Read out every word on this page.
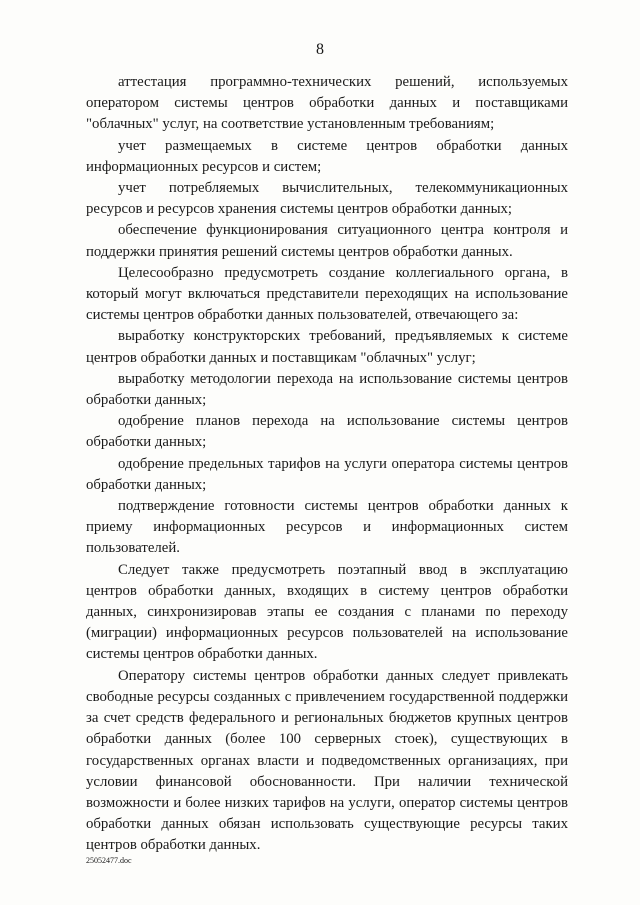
8

аттестация программно-технических решений, используемых оператором системы центров обработки данных и поставщиками "облачных" услуг, на соответствие установленным требованиям;

учет размещаемых в системе центров обработки данных информационных ресурсов и систем;

учет потребляемых вычислительных, телекоммуникационных ресурсов и ресурсов хранения системы центров обработки данных;

обеспечение функционирования ситуационного центра контроля и поддержки принятия решений системы центров обработки данных.

Целесообразно предусмотреть создание коллегиального органа, в который могут включаться представители переходящих на использование системы центров обработки данных пользователей, отвечающего за:

выработку конструкторских требований, предъявляемых к системе центров обработки данных и поставщикам "облачных" услуг;

выработку методологии перехода на использование системы центров обработки данных;

одобрение планов перехода на использование системы центров обработки данных;

одобрение предельных тарифов на услуги оператора системы центров обработки данных;

подтверждение готовности системы центров обработки данных к приему информационных ресурсов и информационных систем пользователей.

Следует также предусмотреть поэтапный ввод в эксплуатацию центров обработки данных, входящих в систему центров обработки данных, синхронизировав этапы ее создания с планами по переходу (миграции) информационных ресурсов пользователей на использование системы центров обработки данных.

Оператору системы центров обработки данных следует привлекать свободные ресурсы созданных с привлечением государственной поддержки за счет средств федерального и региональных бюджетов крупных центров обработки данных (более 100 серверных стоек), существующих в государственных органах власти и подведомственных организациях, при условии финансовой обоснованности. При наличии технической возможности и более низких тарифов на услуги, оператор системы центров обработки данных обязан использовать существующие ресурсы таких центров обработки данных.

25052477.doc
